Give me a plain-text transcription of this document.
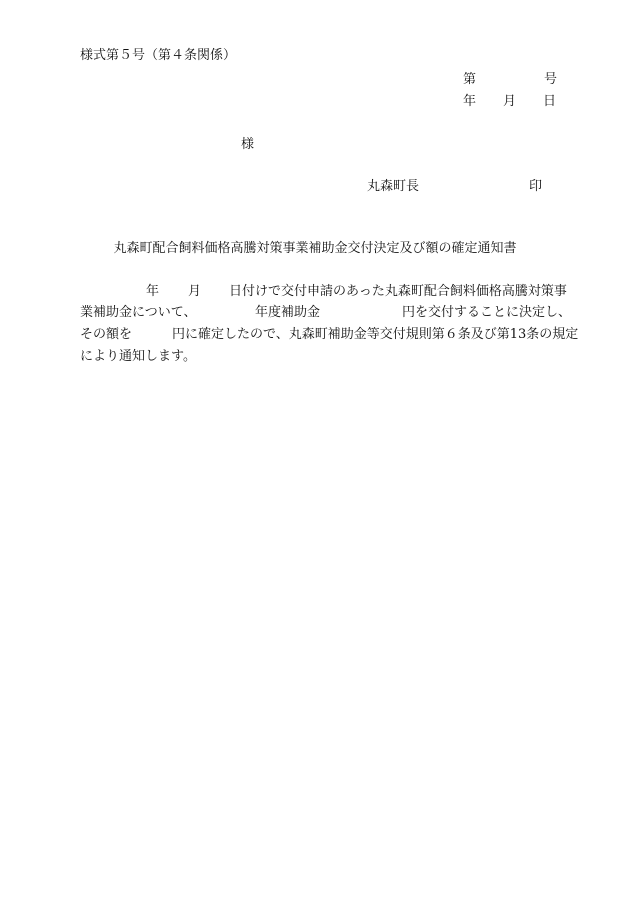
様式第５号（第４条関係）
第	号
年 月 日
様
丸森町長	印
丸森町配合飼料価格高騰対策事業補助金交付決定及び額の確定通知書
年 月 日付けで交付申請のあった丸森町配合飼料価格高騰対策事
業補助金について、	年度補助金	円を交付することに決定し、
その額を	円に確定したので、丸森町補助金等交付規則第６条及び第13条の規定
により通知します。
